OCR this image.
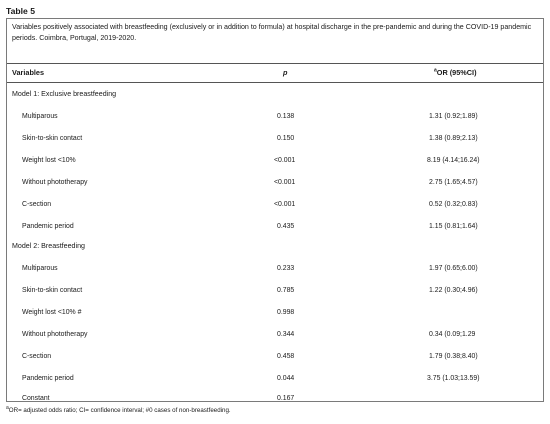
Table 5
Variables positively associated with breastfeeding (exclusively or in addition to formula) at hospital discharge in the pre-pandemic and during the COVID-19 pandemic periods. Coimbra, Portugal, 2019-2020.
Variables	p	$^a$OR (95%CI)
Model 1: Exclusive breastfeeding
Multiparous	0.138	1.31 (0.92;1.89)
Skin-to-skin contact	0.150	1.38 (0.89;2.13)
Weight lost <10%	<0.001	8.19 (4.14;16.24)
Without phototherapy	<0.001	2.75 (1.65;4.57)
C-section	<0.001	0.52 (0.32;0.83)
Pandemic period	0.435	1.15 (0.81;1.64)
Model 2: Breastfeeding
Multiparous	0.233	1.97 (0.65;6.00)
Skin-to-skin contact	0.785	1.22 (0.30;4.96)
Weight lost <10% #	0.998
Without phototherapy	0.344	0.34 (0.09;1.29
C-section	0.458	1.79 (0.38;8.40)
Pandemic period	0.044	3.75 (1.03;13.59)
Constant	0.167
$^a$OR= adjusted odds ratio; CI= confidence interval; #0 cases of non-breastfeeding.
